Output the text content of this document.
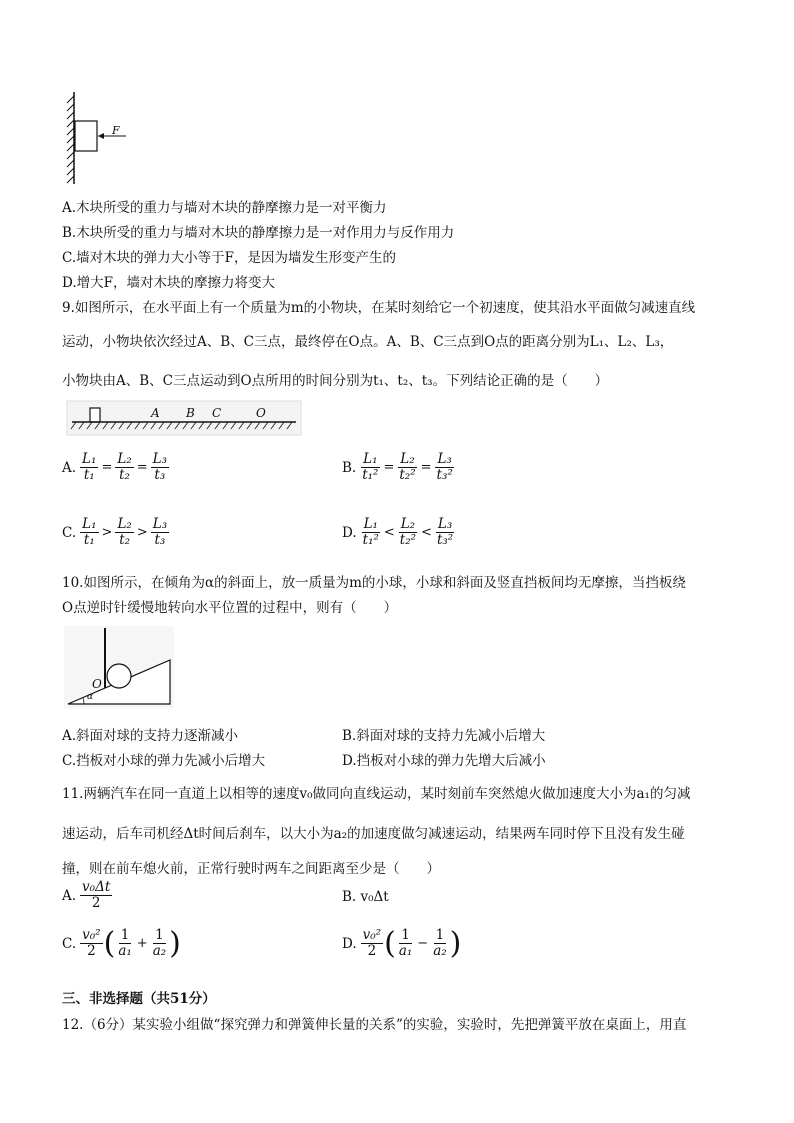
F
A.木块所受的重力与墙对木块的静摩擦力是一对平衡力
B.木块所受的重力与墙对木块的静摩擦力是一对作用力与反作用力
C.墙对木块的弹力大小等于F，是因为墙发生形变产生的
D.增大F，墙对木块的摩擦力将变大
9.如图所示，在水平面上有一个质量为m的小物块，在某时刻给它一个初速度，使其沿水平面做匀减速直线
运动，小物块依次经过A、B、C三点，最终停在O点。A、B、C三点到O点的距离分别为L₁、L₂、L₃，
小物块由A、B、C三点运动到O点所用的时间分别为t₁、t₂、t₃。下列结论正确的是（　　）
A B C	O
A. $\frac{\text{L₁}}{\text{t₁}} = \frac{\text{L₂}}{\text{t₂}} = \frac{\text{L₃}}{\text{t₃}}$	B. $\frac{\text{L₁}}{\text{t₁²}} = \frac{\text{L₂}}{\text{t₂²}} = \frac{\text{L₃}}{\text{t₃²}}$
C. $\frac{\text{L₁}}{\text{t₁}} > \frac{\text{L₂}}{\text{t₂}} > \frac{\text{L₃}}{\text{t₃}}$	D. $\frac{\text{L₁}}{\text{t₁²}} < \frac{\text{L₂}}{\text{t₂²}} < \frac{\text{L₃}}{\text{t₃²}}$
10.如图所示，在倾角为α的斜面上，放一质量为m的小球，小球和斜面及竖直挡板间均无摩擦，当挡板绕
O点逆时针缓慢地转向水平位置的过程中，则有（　　）
O
α
A.斜面对球的支持力逐渐减小	B.斜面对球的支持力先减小后增大
C.挡板对小球的弹力先减小后增大	D.挡板对小球的弹力先增大后减小
11.两辆汽车在同一直道上以相等的速度v₀做同向直线运动，某时刻前车突然熄火做加速度大小为a₁的匀减
速运动，后车司机经Δt时间后刹车，以大小为a₂的加速度做匀减速运动，结果两车同时停下且没有发生碰
撞，则在前车熄火前，正常行驶时两车之间距离至少是（　　）
A. $\frac{\text{v₀Δt}}{2}$	B. v₀Δt
C. $\frac{\text{v₀²}}{2}$ ( $\frac{1}{\text{a₁}} + \frac{1}{\text{a₂}}$ )	D. $\frac{\text{v₀²}}{2}$ ( $\frac{1}{\text{a₁}} - \frac{1}{\text{a₂}}$ )
三、非选择题（共51分）
12.（6分）某实验小组做“探究弹力和弹簧伸长量的关系”的实验，实验时，先把弹簧平放在桌面上，用直
